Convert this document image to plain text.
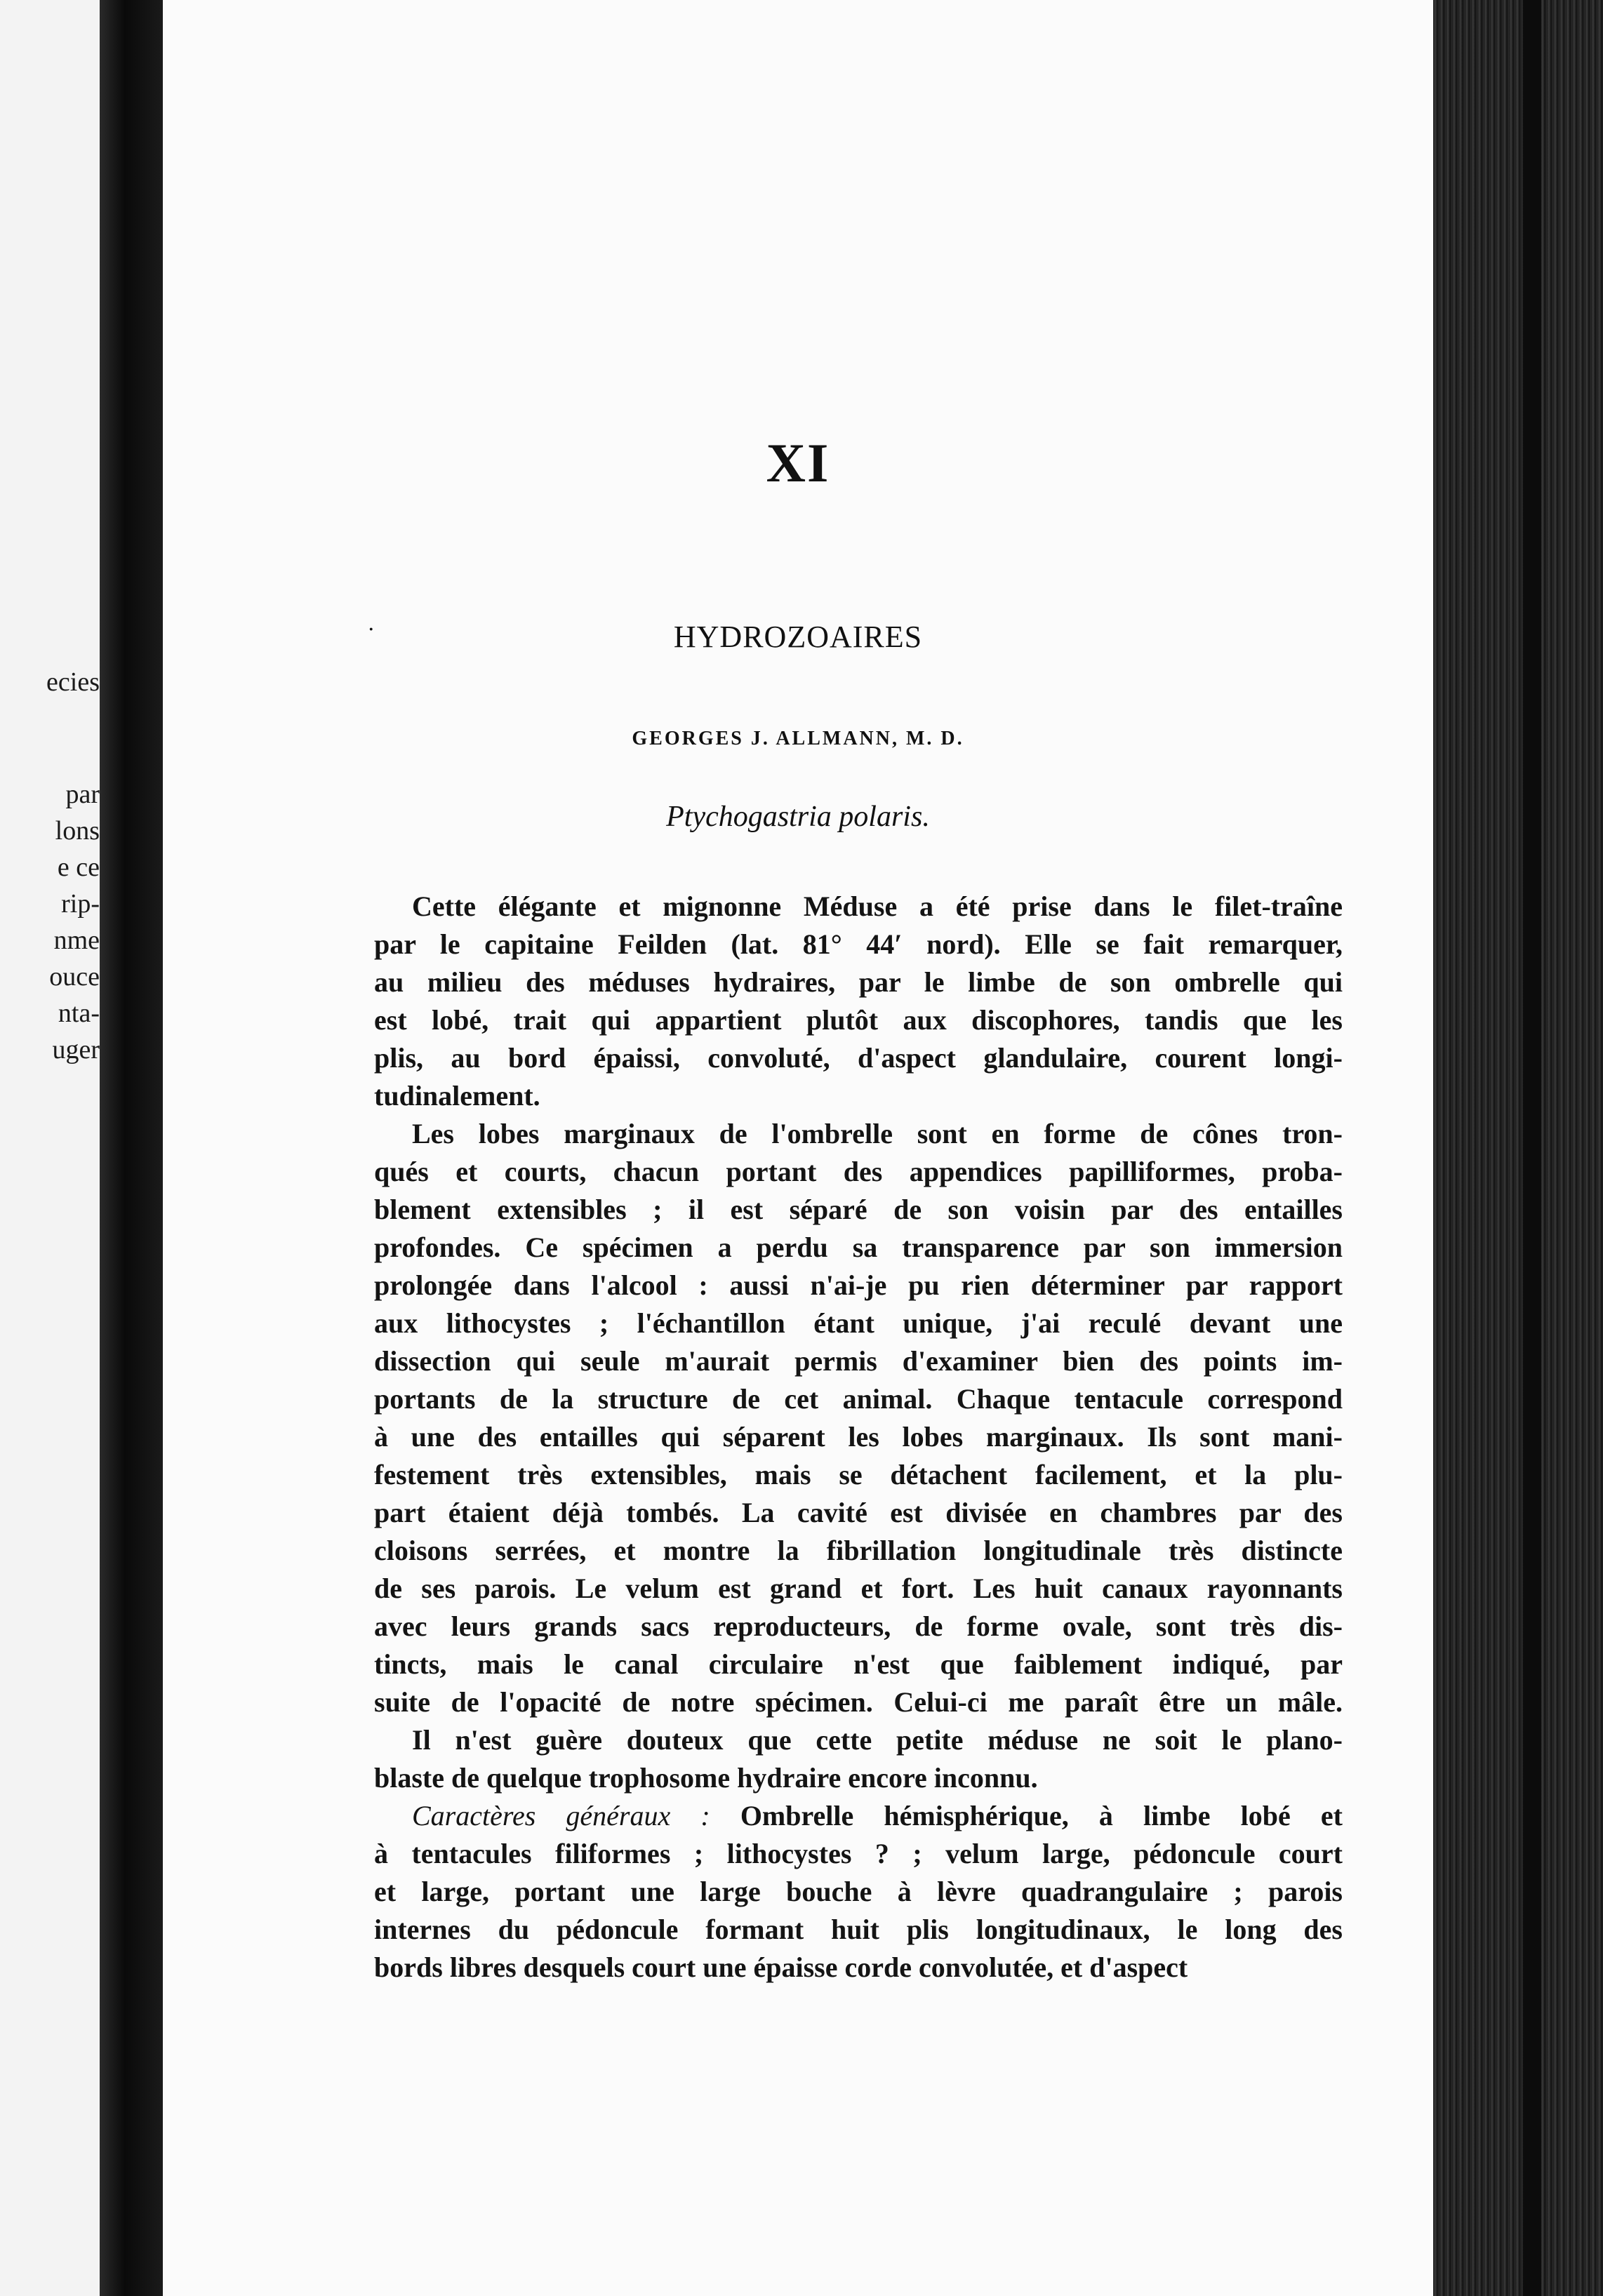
ecies
par
lons
e ce
rip-
nme
ouce
nta-
uger
XI
·	HYDROZOAIRES
GEORGES J. ALLMANN, M. D.
Ptychogastria polaris.
Cette élégante et mignonne Méduse a été prise dans le filet-traîne
par le capitaine Feilden (lat. 81° 44′ nord). Elle se fait remarquer,
au milieu des méduses hydraires, par le limbe de son ombrelle qui
est lobé, trait qui appartient plutôt aux discophores, tandis que les
plis, au bord épaissi, convoluté, d'aspect glandulaire, courent longi-
tudinalement.
Les lobes marginaux de l'ombrelle sont en forme de cônes tron-
qués et courts, chacun portant des appendices papilliformes, proba-
blement extensibles ; il est séparé de son voisin par des entailles
profondes. Ce spécimen a perdu sa transparence par son immersion
prolongée dans l'alcool : aussi n'ai-je pu rien déterminer par rapport
aux lithocystes ; l'échantillon étant unique, j'ai reculé devant une
dissection qui seule m'aurait permis d'examiner bien des points im-
portants de la structure de cet animal. Chaque tentacule correspond
à une des entailles qui séparent les lobes marginaux. Ils sont mani-
festement très extensibles, mais se détachent facilement, et la plu-
part étaient déjà tombés. La cavité est divisée en chambres par des
cloisons serrées, et montre la fibrillation longitudinale très distincte
de ses parois. Le velum est grand et fort. Les huit canaux rayonnants
avec leurs grands sacs reproducteurs, de forme ovale, sont très dis-
tincts, mais le canal circulaire n'est que faiblement indiqué, par
suite de l'opacité de notre spécimen. Celui-ci me paraît être un mâle.
Il n'est guère douteux que cette petite méduse ne soit le plano-
blaste de quelque trophosome hydraire encore inconnu.
Caractères généraux : Ombrelle hémisphérique, à limbe lobé et
à tentacules filiformes ; lithocystes ? ; velum large, pédoncule court
et large, portant une large bouche à lèvre quadrangulaire ; parois
internes du pédoncule formant huit plis longitudinaux, le long des
bords libres desquels court une épaisse corde convolutée, et d'aspect
